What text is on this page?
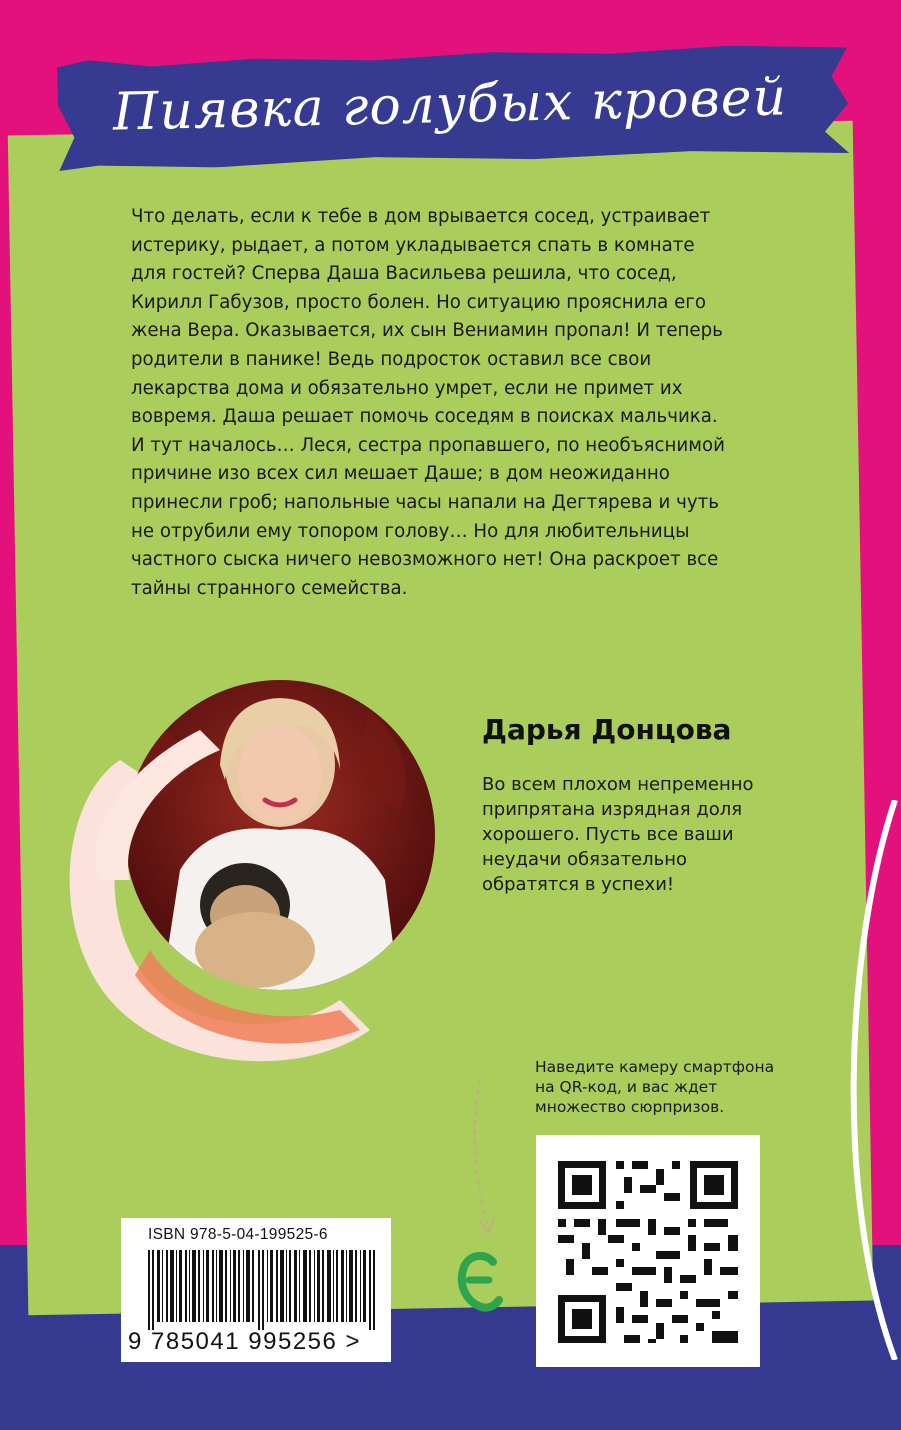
Пиявка голубых кровей

Что делать, если к тебе в дом врывается сосед, устраивает истерику, рыдает, а потом укладывается спать в комнате для гостей? Сперва Даша Васильева решила, что сосед, Кирилл Габузов, просто болен. Но ситуацию прояснила его жена Вера. Оказывается, их сын Вениамин пропал! И теперь родители в панике! Ведь подросток оставил все свои лекарства дома и обязательно умрет, если не примет их вовремя. Даша решает помочь соседям в поисках мальчика. И тут началось… Леся, сестра пропавшего, по необъяснимой причине изо всех сил мешает Даше; в дом неожиданно принесли гроб; напольные часы напали на Дегтярева и чуть не отрубили ему топором голову… Но для любительницы частного сыска ничего невозможного нет! Она раскроет все тайны странного семейства.

Дарья Донцова
Во всем плохом непременно припрятана изрядная доля хорошего. Пусть все ваши неудачи обязательно обратятся в успехи!
Наведите камеру смартфона на QR-код, и вас ждет множество сюрпризов.
ISBN 978-5-04-199525-6
9 785041 995256 >
